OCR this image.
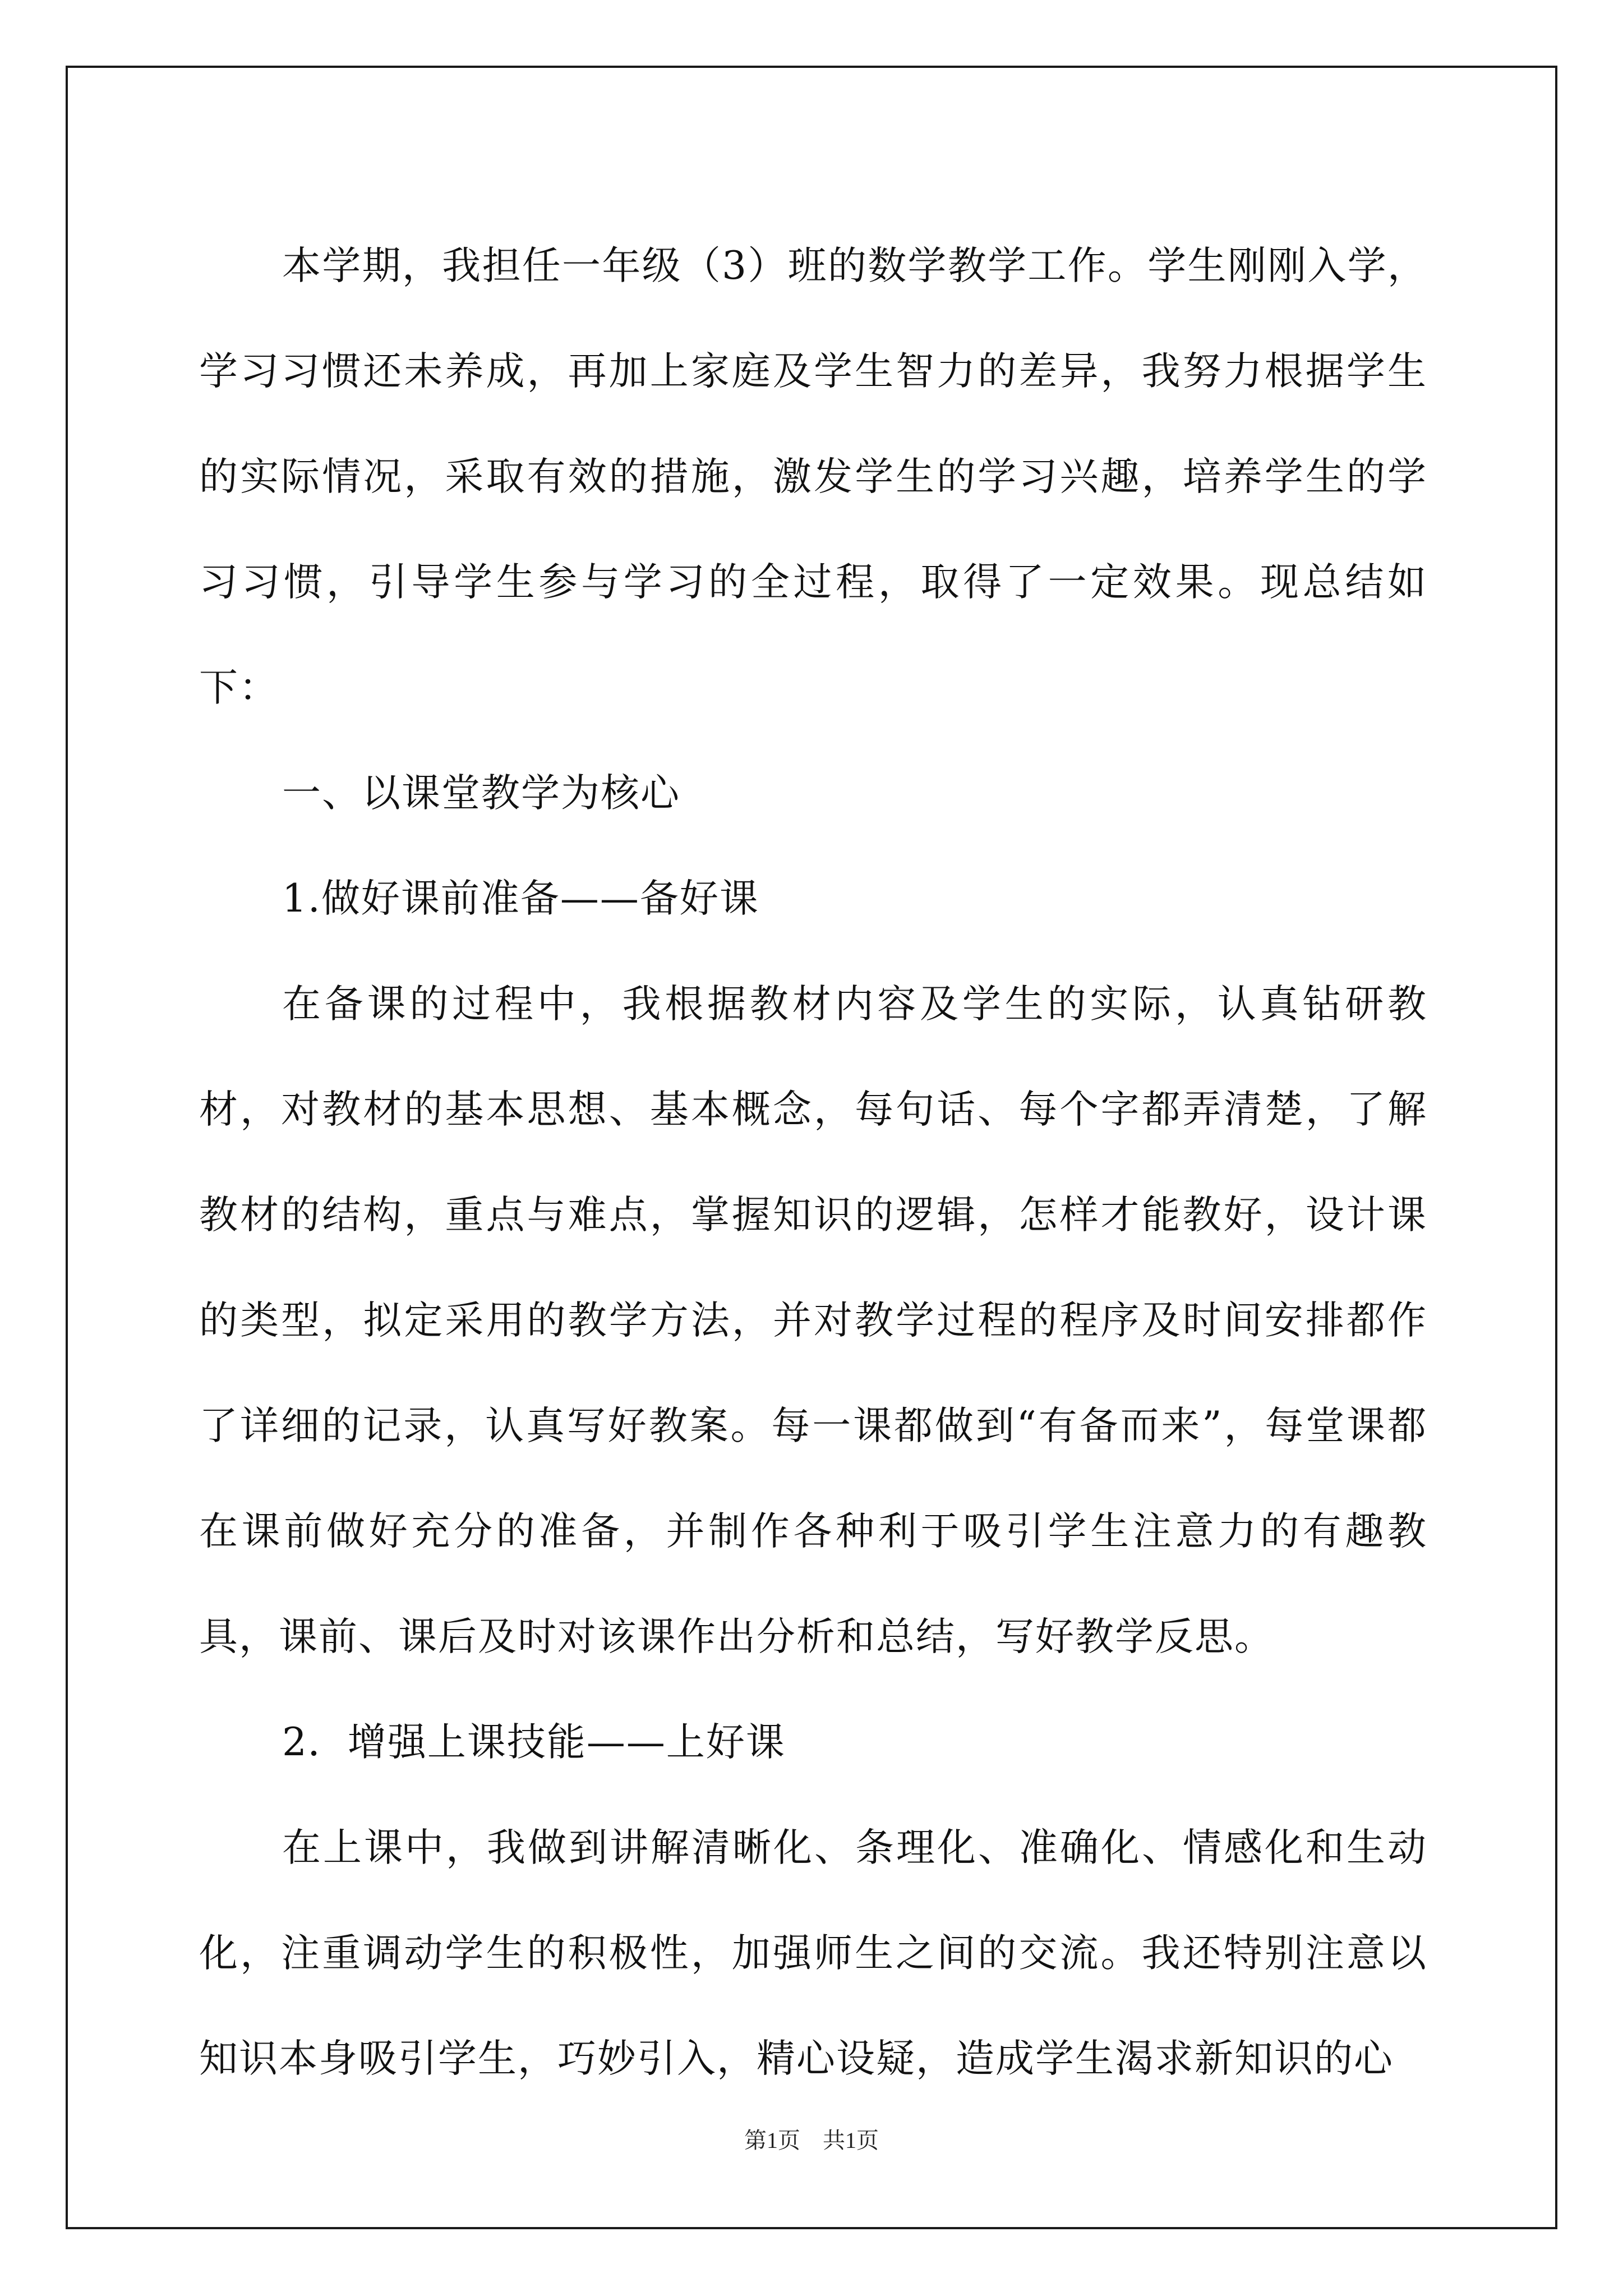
本学期，我担任一年级（3）班的数学教学工作。学生刚刚入学，学习习惯还未养成，再加上家庭及学生智力的差异，我努力根据学生的实际情况，采取有效的措施，激发学生的学习兴趣，培养学生的学习习惯，引导学生参与学习的全过程，取得了一定效果。现总结如下：

一、以课堂教学为核心

1.做好课前准备——备好课

在备课的过程中，我根据教材内容及学生的实际，认真钻研教材，对教材的基本思想、基本概念，每句话、每个字都弄清楚，了解教材的结构，重点与难点，掌握知识的逻辑，怎样才能教好，设计课的类型，拟定采用的教学方法，并对教学过程的程序及时间安排都作了详细的记录，认真写好教案。每一课都做到“有备而来”，每堂课都在课前做好充分的准备，并制作各种利于吸引学生注意力的有趣教具，课前、课后及时对该课作出分析和总结，写好教学反思。

2．增强上课技能——上好课

在上课中，我做到讲解清晰化、条理化、准确化、情感化和生动化，注重调动学生的积极性，加强师生之间的交流。我还特别注意以知识本身吸引学生，巧妙引入，精心设疑，造成学生渴求新知识的心

第1页 共1页
